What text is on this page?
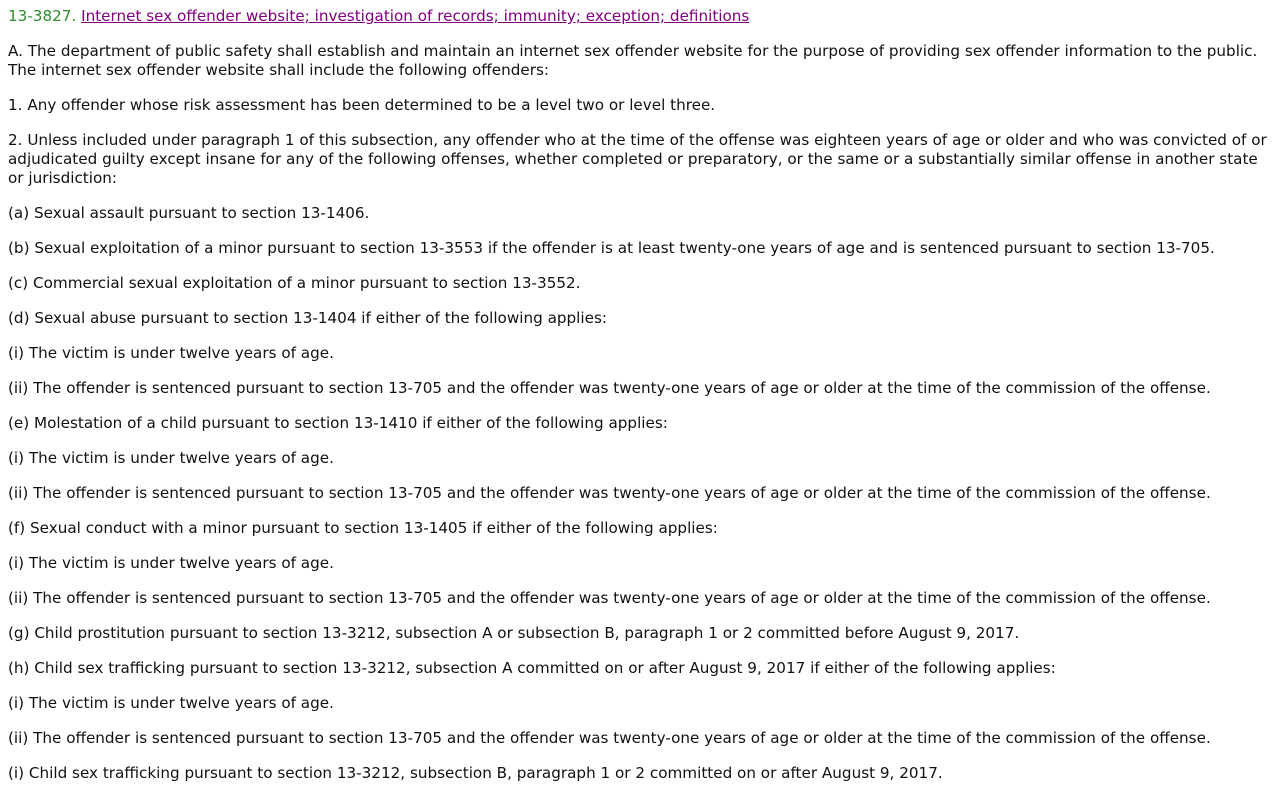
13-3827. Internet sex offender website; investigation of records; immunity; exception; definitions
A. The department of public safety shall establish and maintain an internet sex offender website for the purpose of providing sex offender information to the public. The internet sex offender website shall include the following offenders:
1. Any offender whose risk assessment has been determined to be a level two or level three.
2. Unless included under paragraph 1 of this subsection, any offender who at the time of the offense was eighteen years of age or older and who was convicted of or adjudicated guilty except insane for any of the following offenses, whether completed or preparatory, or the same or a substantially similar offense in another state or jurisdiction:
(a) Sexual assault pursuant to section 13-1406.
(b) Sexual exploitation of a minor pursuant to section 13-3553 if the offender is at least twenty-one years of age and is sentenced pursuant to section 13-705.
(c) Commercial sexual exploitation of a minor pursuant to section 13-3552.
(d) Sexual abuse pursuant to section 13-1404 if either of the following applies:
(i) The victim is under twelve years of age.
(ii) The offender is sentenced pursuant to section 13-705 and the offender was twenty-one years of age or older at the time of the commission of the offense.
(e) Molestation of a child pursuant to section 13-1410 if either of the following applies:
(i) The victim is under twelve years of age.
(ii) The offender is sentenced pursuant to section 13-705 and the offender was twenty-one years of age or older at the time of the commission of the offense.
(f) Sexual conduct with a minor pursuant to section 13-1405 if either of the following applies:
(i) The victim is under twelve years of age.
(ii) The offender is sentenced pursuant to section 13-705 and the offender was twenty-one years of age or older at the time of the commission of the offense.
(g) Child prostitution pursuant to section 13-3212, subsection A or subsection B, paragraph 1 or 2 committed before August 9, 2017.
(h) Child sex trafficking pursuant to section 13-3212, subsection A committed on or after August 9, 2017 if either of the following applies:
(i) The victim is under twelve years of age.
(ii) The offender is sentenced pursuant to section 13-705 and the offender was twenty-one years of age or older at the time of the commission of the offense.
(i) Child sex trafficking pursuant to section 13-3212, subsection B, paragraph 1 or 2 committed on or after August 9, 2017.
